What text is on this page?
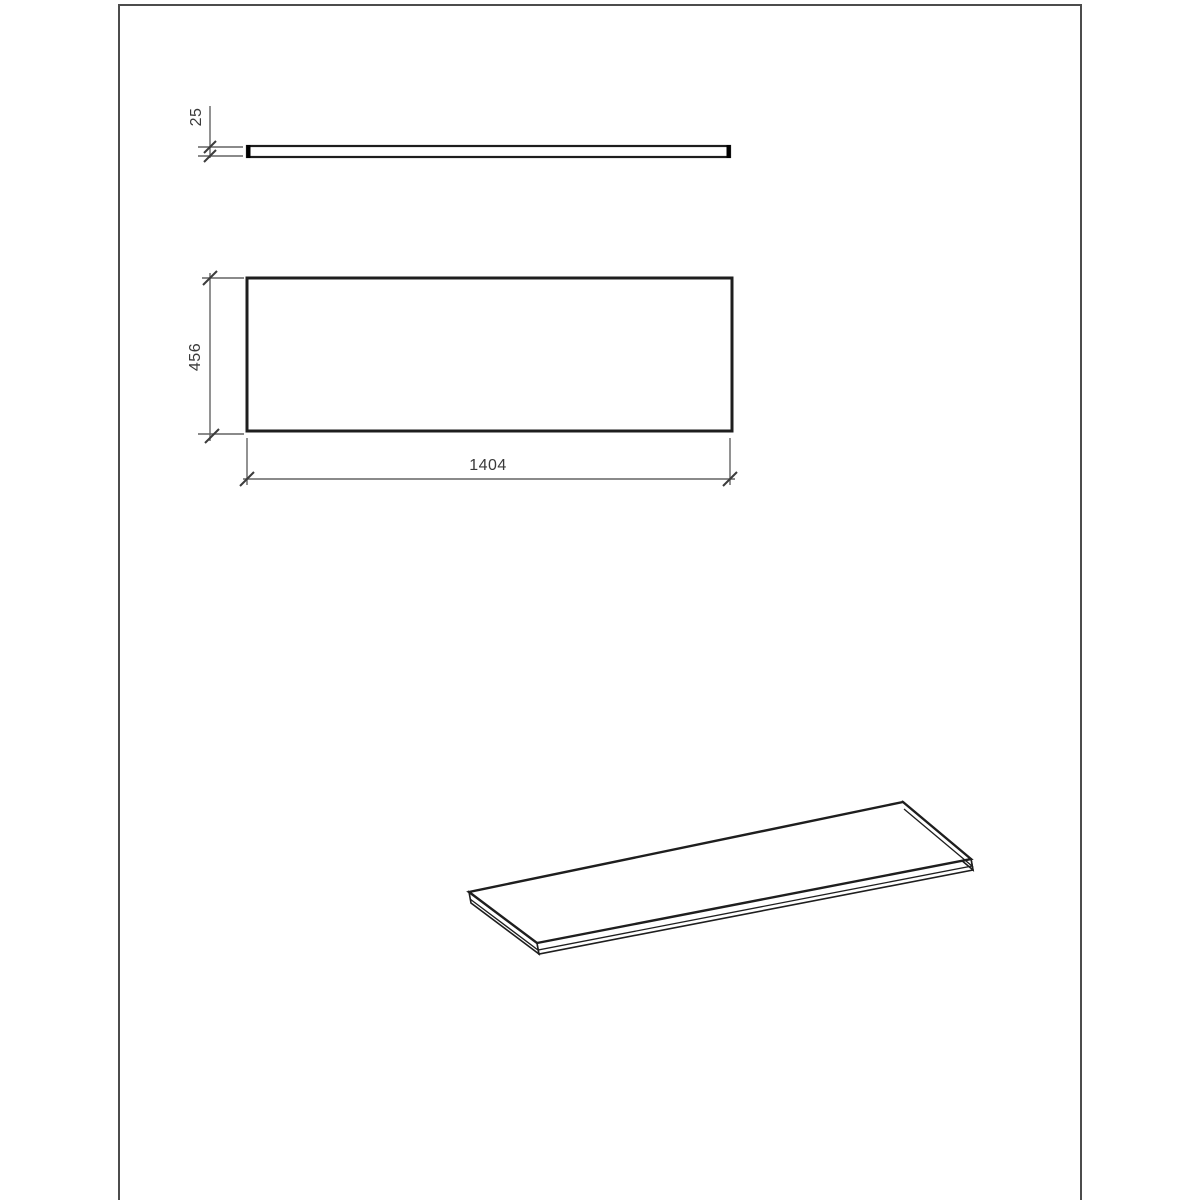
25
456
1404
